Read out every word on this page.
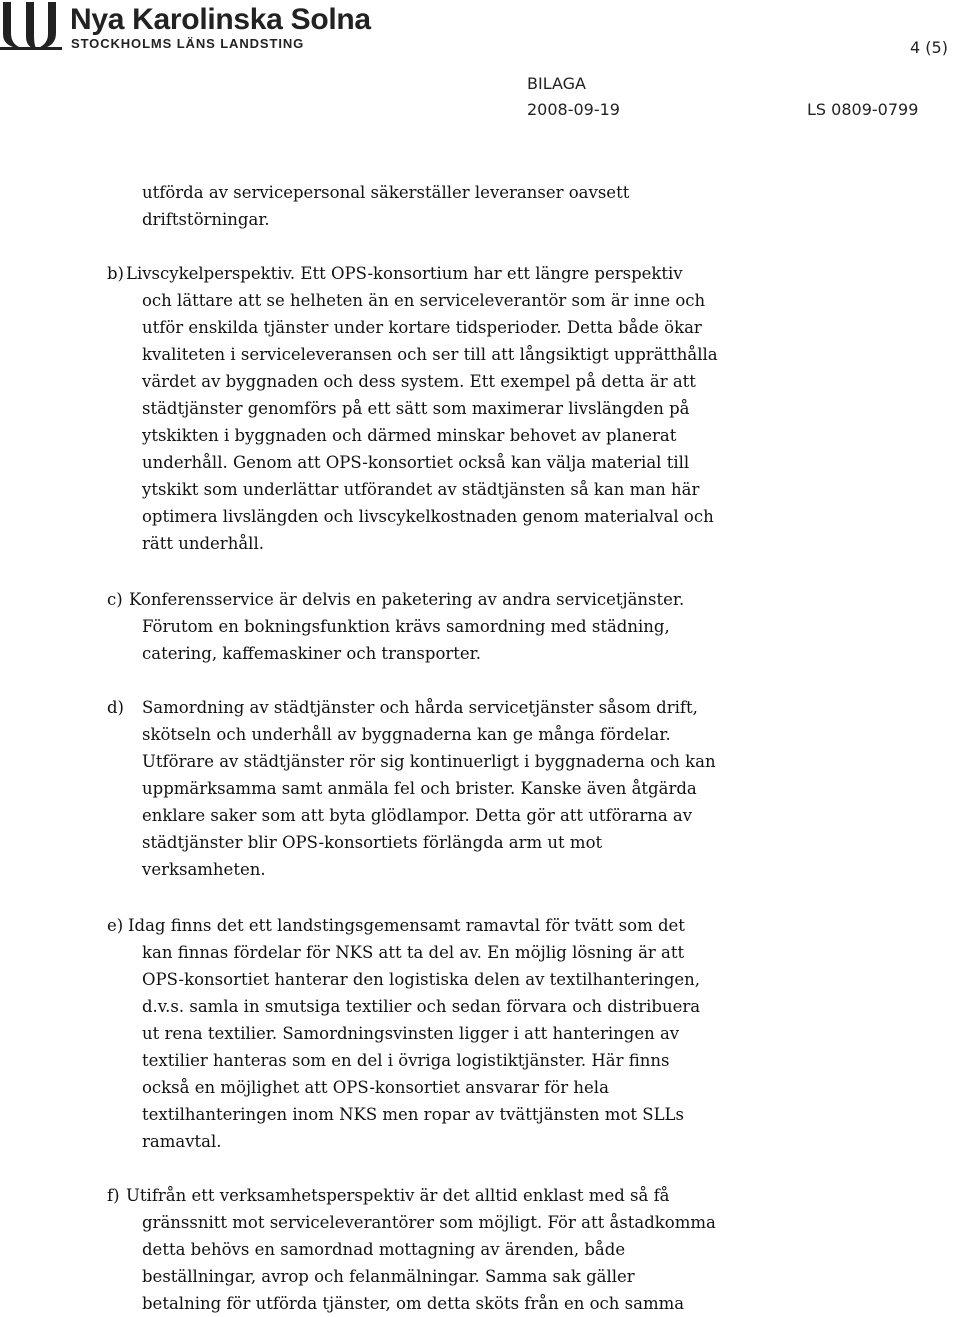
Nya Karolinska Solna
STOCKHOLMS LÄNS LANDSTING	4 (5)
BILAGA
2008-09-19	LS 0809-0799
utförda av servicepersonal säkerställer leveranser oavsett
driftstörningar.
b) Livscykelperspektiv. Ett OPS-konsortium har ett längre perspektiv
och lättare att se helheten än en serviceleverantör som är inne och
utför enskilda tjänster under kortare tidsperioder. Detta både ökar
kvaliteten i serviceleveransen och ser till att långsiktigt upprätthålla
värdet av byggnaden och dess system. Ett exempel på detta är att
städtjänster genomförs på ett sätt som maximerar livslängden på
ytskikten i byggnaden och därmed minskar behovet av planerat
underhåll. Genom att OPS-konsortiet också kan välja material till
ytskikt som underlättar utförandet av städtjänsten så kan man här
optimera livslängden och livscykelkostnaden genom materialval och
rätt underhåll.
c) Konferensservice är delvis en paketering av andra servicetjänster.
Förutom en bokningsfunktion krävs samordning med städning,
catering, kaffemaskiner och transporter.
d) Samordning av städtjänster och hårda servicetjänster såsom drift,
skötseln och underhåll av byggnaderna kan ge många fördelar.
Utförare av städtjänster rör sig kontinuerligt i byggnaderna och kan
uppmärksamma samt anmäla fel och brister. Kanske även åtgärda
enklare saker som att byta glödlampor. Detta gör att utförarna av
städtjänster blir OPS-konsortiets förlängda arm ut mot
verksamheten.
e) Idag finns det ett landstingsgemensamt ramavtal för tvätt som det
kan finnas fördelar för NKS att ta del av. En möjlig lösning är att
OPS-konsortiet hanterar den logistiska delen av textilhanteringen,
d.v.s. samla in smutsiga textilier och sedan förvara och distribuera
ut rena textilier. Samordningsvinsten ligger i att hanteringen av
textilier hanteras som en del i övriga logistiktjänster. Här finns
också en möjlighet att OPS-konsortiet ansvarar för hela
textilhanteringen inom NKS men ropar av tvättjänsten mot SLLs
ramavtal.
f) Utifrån ett verksamhetsperspektiv är det alltid enklast med så få
gränssnitt mot serviceleverantörer som möjligt. För att åstadkomma
detta behövs en samordnad mottagning av ärenden, både
beställningar, avrop och felanmälningar. Samma sak gäller
betalning för utförda tjänster, om detta sköts från en och samma
